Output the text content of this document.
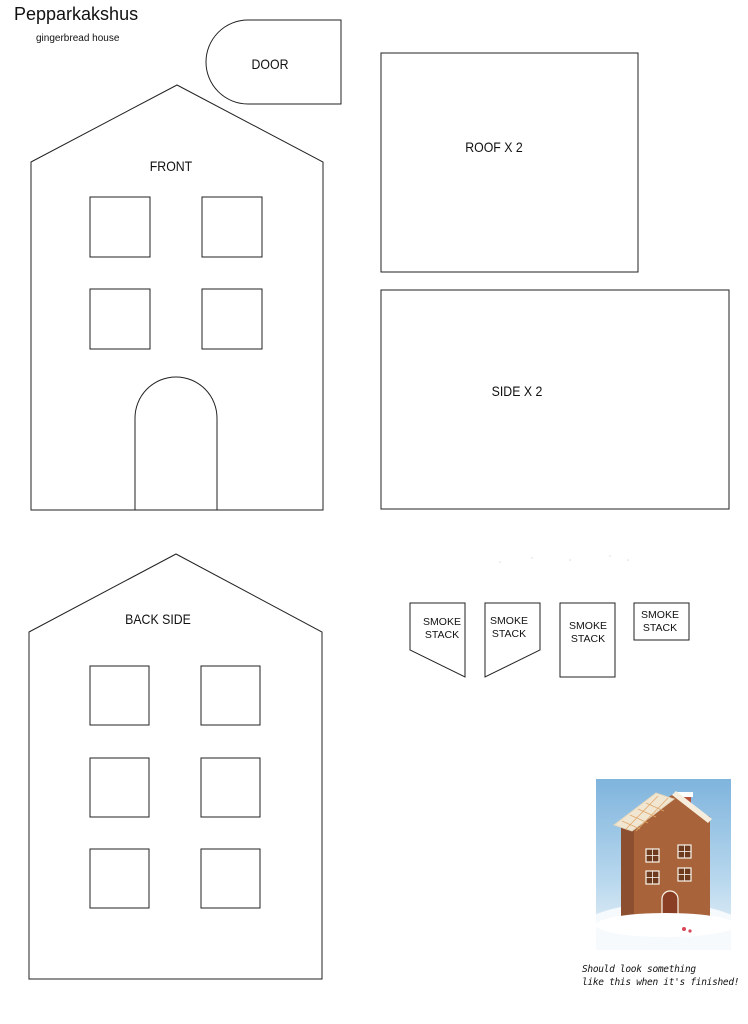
Pepparkakshus
gingerbread house
DOOR
ROOF X 2
FRONT
SIDE X 2
BACK SIDE	SMOKE
STACK
SMOKE
STACK
SMOKE
STACK
SMOKE
STACK
Should look something
like this when it's finished!
